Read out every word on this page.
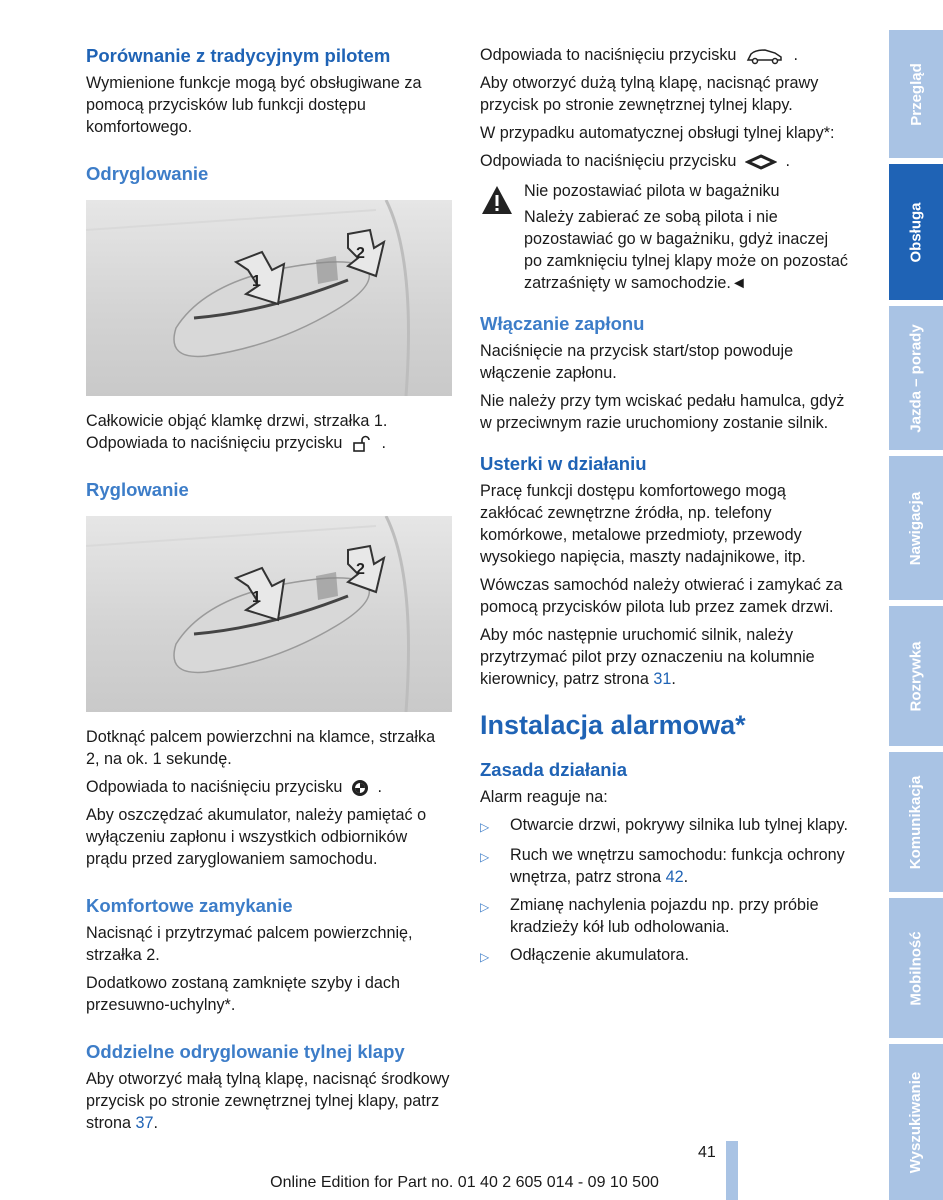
Porównanie z tradycyjnym pilotem

Wymienione funkcje mogą być obsługiwane za pomocą przycisków lub funkcji dostępu komfortowego.

Odryglowanie
1
2

Całkowicie objąć klamkę drzwi, strzałka 1. Odpowiada to naciśnięciu przycisku .

Ryglowanie
1
2

Dotknąć palcem powierzchni na klamce, strzałka 2, na ok. 1 sekundę.

Odpowiada to naciśnięciu przycisku .

Aby oszczędzać akumulator, należy pamiętać o wyłączeniu zapłonu i wszystkich odbiorników prądu przed zaryglowaniem samochodu.

Komfortowe zamykanie

Nacisnąć i przytrzymać palcem powierzchnię, strzałka 2.

Dodatkowo zostaną zamknięte szyby i dach przesuwno-uchylny*.

Oddzielne odryglowanie tylnej klapy

Aby otworzyć małą tylną klapę, nacisnąć środkowy przycisk po stronie zewnętrznej tylnej klapy, patrz strona 37.

Odpowiada to naciśnięciu przycisku	.

Aby otworzyć dużą tylną klapę, nacisnąć prawy przycisk po stronie zewnętrznej tylnej klapy.

W przypadku automatycznej obsługi tylnej klapy*:

Odpowiada to naciśnięciu przycisku	.

Nie pozostawiać pilota w bagażniku

Należy zabierać ze sobą pilota i nie pozostawiać go w bagażniku, gdyż inaczej po zamknięciu tylnej klapy może on pozostać zatrzaśnięty w samochodzie.◄

Włączanie zapłonu

Naciśnięcie na przycisk start/stop powoduje włączenie zapłonu.

Nie należy przy tym wciskać pedału hamulca, gdyż w przeciwnym razie uruchomiony zostanie silnik.

Usterki w działaniu

Pracę funkcji dostępu komfortowego mogą zakłócać zewnętrzne źródła, np. telefony komórkowe, metalowe przedmioty, przewody wysokiego napięcia, maszty nadajnikowe, itp.

Wówczas samochód należy otwierać i zamykać za pomocą przycisków pilota lub przez zamek drzwi.

Aby móc następnie uruchomić silnik, należy przytrzymać pilot przy oznaczeniu na kolumnie kierownicy, patrz strona 31.

Instalacja alarmowa*
Zasada działania

Alarm reaguje na:

▷	Otwarcie drzwi, pokrywy silnika lub tylnej klapy.
▷	Ruch we wnętrzu samochodu: funkcja ochrony wnętrza, patrz strona 42.
▷	Zmianę nachylenia pojazdu np. przy próbie kradzieży kół lub odholowania.
▷	Odłączenie akumulatora.
Przegląd
Obsługa
Jazda – porady
Nawigacja
Rozrywka
Komunikacja
Mobilność
Wyszukiwanie
41
Online Edition for Part no. 01 40 2 605 014 - 09 10 500
